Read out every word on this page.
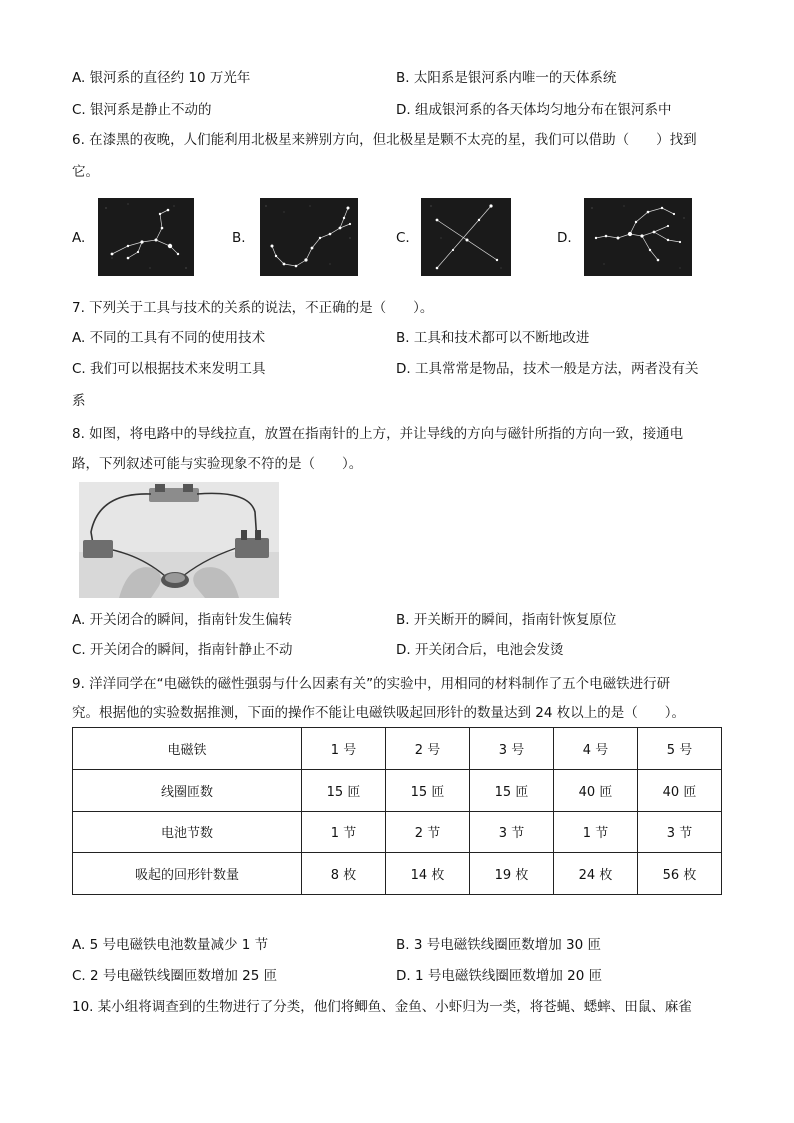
A. 银河系的直径约 10 万光年	B. 太阳系是银河系内唯一的天体系统
C. 银河系是静止不动的	D. 组成银河系的各天体均匀地分布在银河系中
6. 在漆黑的夜晚，人们能利用北极星来辨别方向，但北极星是颗不太亮的星，我们可以借助（　　）找到
它。
A.	B.	C.	D.
7. 下列关于工具与技术的关系的说法，不正确的是（　　）。
A. 不同的工具有不同的使用技术	B. 工具和技术都可以不断地改进
C. 我们可以根据技术来发明工具	D. 工具常常是物品，技术一般是方法，两者没有关
系
8. 如图，将电路中的导线拉直，放置在指南针的上方，并让导线的方向与磁针所指的方向一致，接通电
路，下列叙述可能与实验现象不符的是（　　）。
A. 开关闭合的瞬间，指南针发生偏转	B. 开关断开的瞬间，指南针恢复原位
C. 开关闭合的瞬间，指南针静止不动	D. 开关闭合后，电池会发烫
9. 洋洋同学在“电磁铁的磁性强弱与什么因素有关”的实验中，用相同的材料制作了五个电磁铁进行研
究。根据他的实验数据推测，下面的操作不能让电磁铁吸起回形针的数量达到 24 枚以上的是（　　）。
电磁铁	1 号	2 号	3 号	4 号	5 号
线圈匝数	15 匝	15 匝	15 匝	40 匝	40 匝
电池节数	1 节	2 节	3 节	1 节	3 节
吸起的回形针数量	8 枚	14 枚	19 枚	24 枚	56 枚
A. 5 号电磁铁电池数量减少 1 节	B. 3 号电磁铁线圈匝数增加 30 匝
C. 2 号电磁铁线圈匝数增加 25 匝	D. 1 号电磁铁线圈匝数增加 20 匝
10. 某小组将调查到的生物进行了分类，他们将鲫鱼、金鱼、小虾归为一类，将苍蝇、蟋蟀、田鼠、麻雀
